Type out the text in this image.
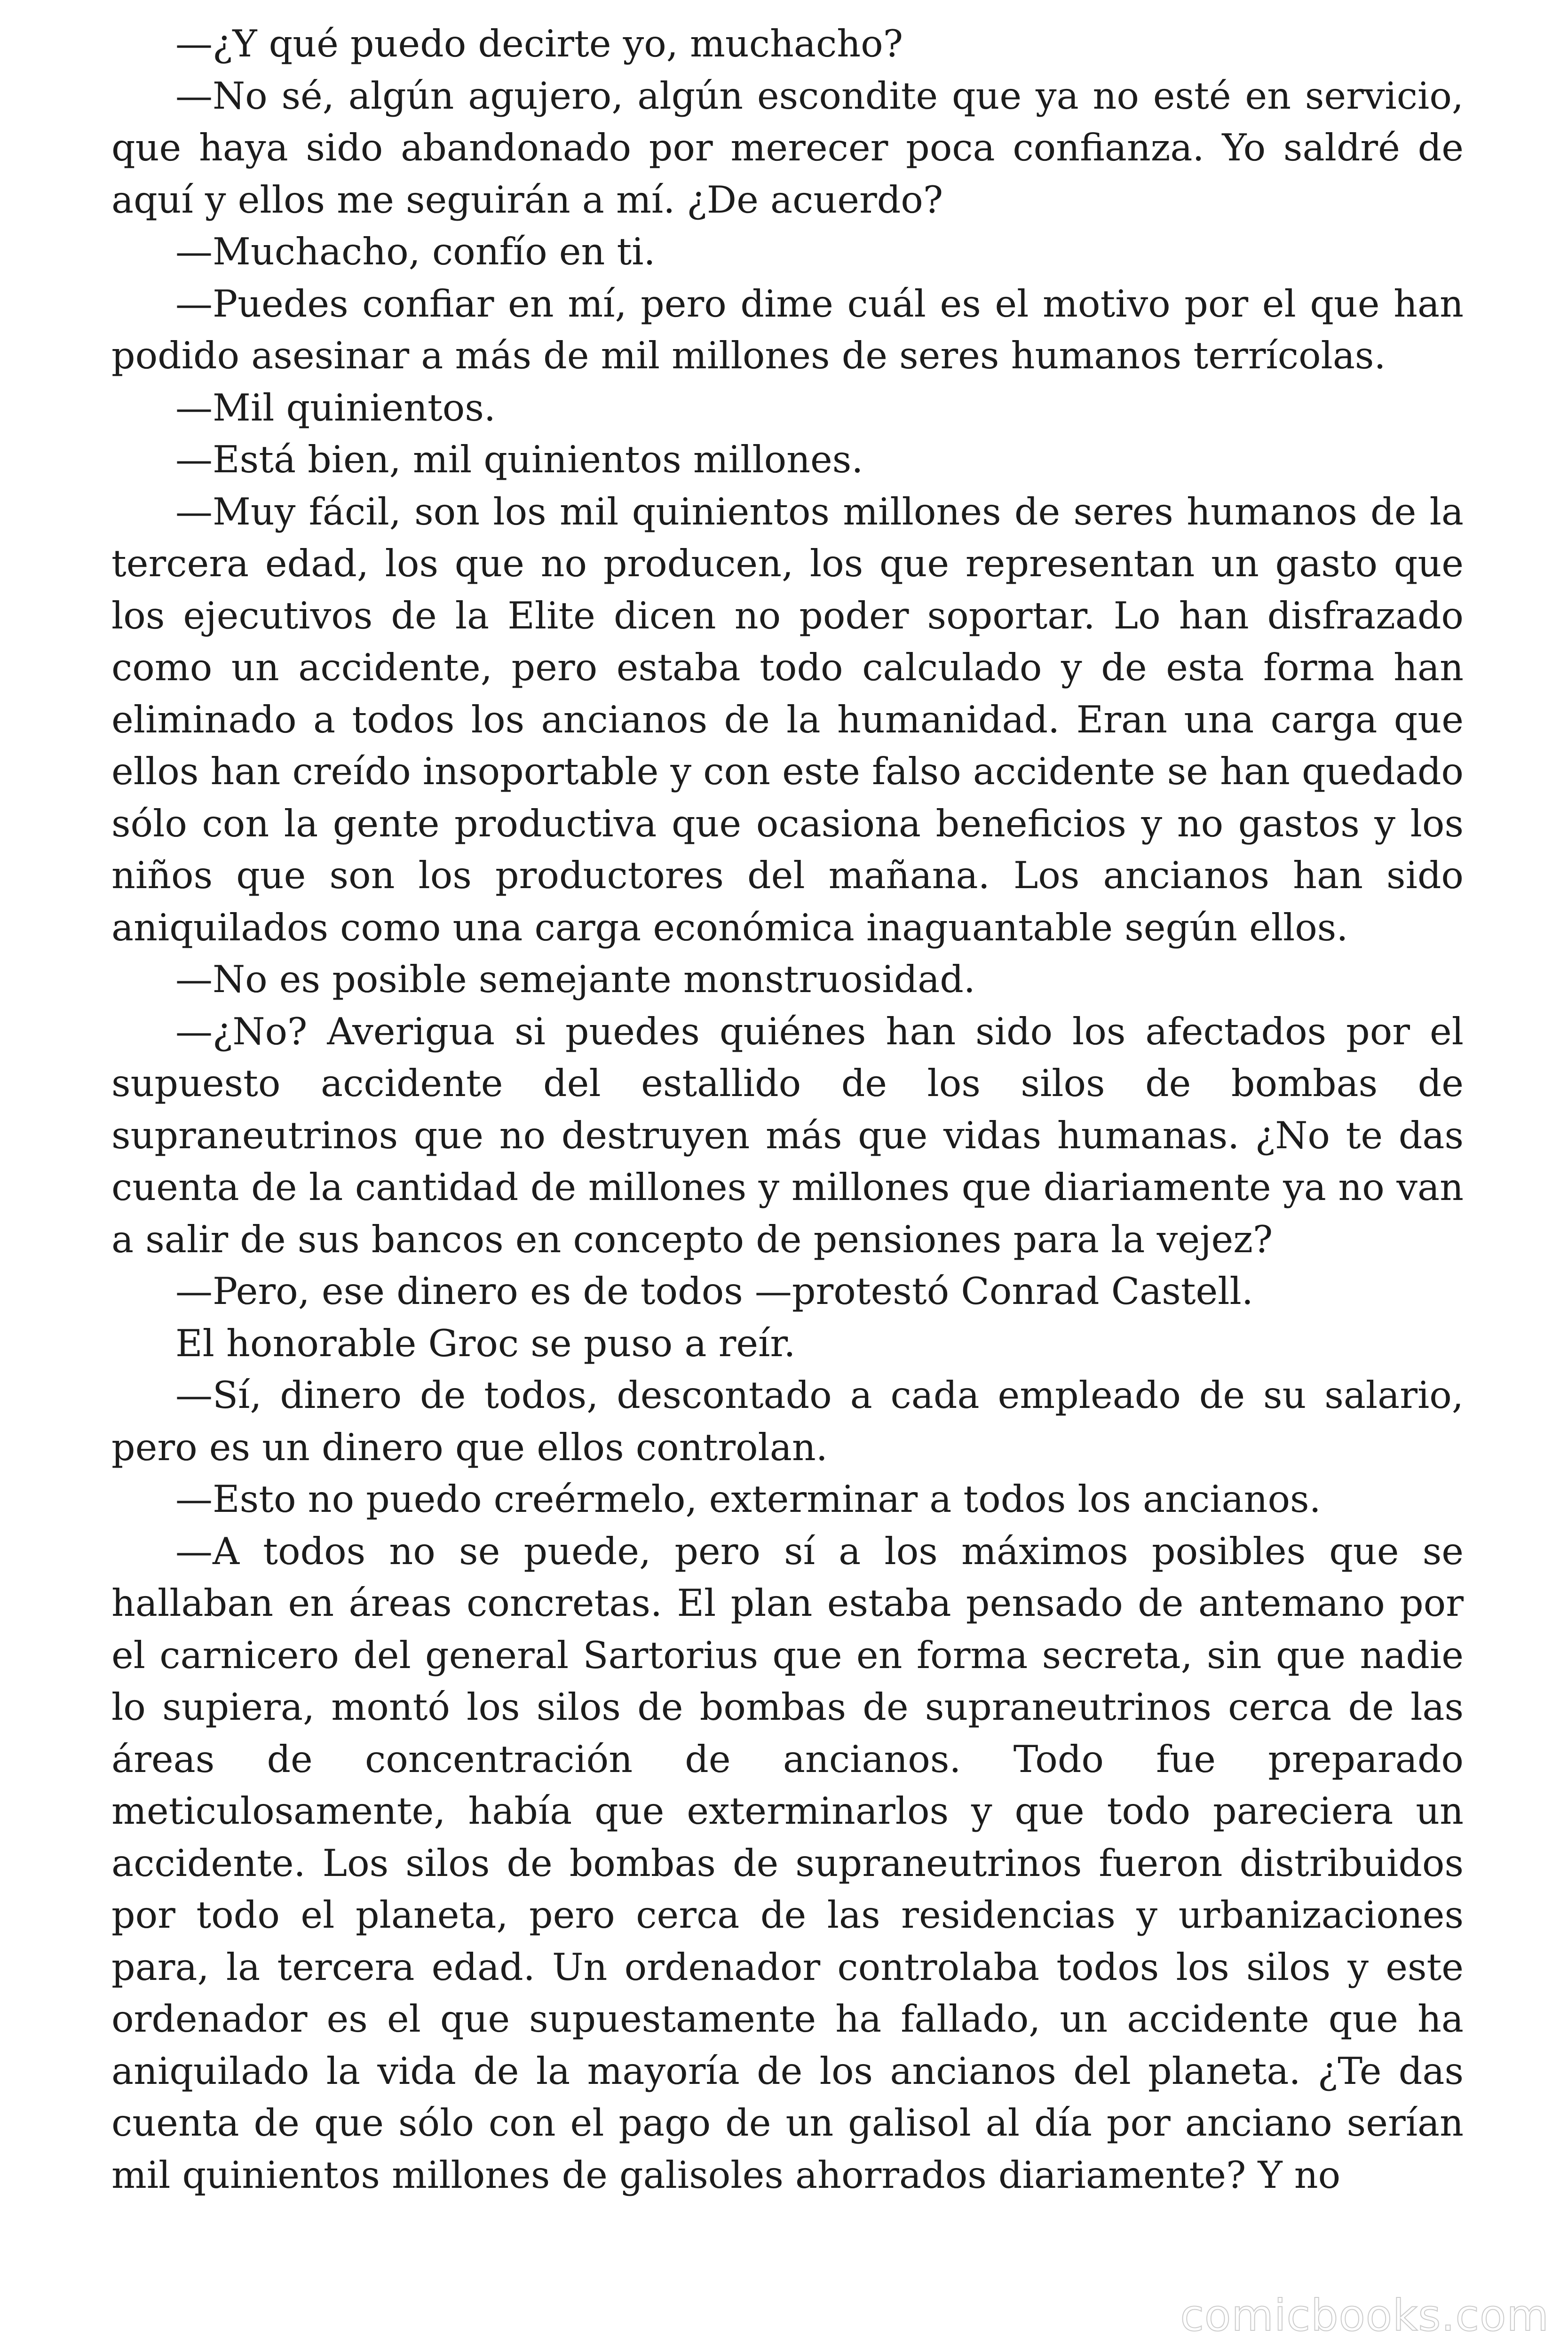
—¿Y qué puedo decirte yo, muchacho?

—No sé, algún agujero, algún escondite que ya no esté en servicio, que haya sido abandonado por merecer poca confianza. Yo saldré de aquí y ellos me seguirán a mí. ¿De acuerdo?

—Muchacho, confío en ti.

—Puedes confiar en mí, pero dime cuál es el motivo por el que han podido asesinar a más de mil millones de seres humanos terrícolas.

—Mil quinientos.

—Está bien, mil quinientos millones.

—Muy fácil, son los mil quinientos millones de seres humanos de la tercera edad, los que no producen, los que representan un gasto que los ejecutivos de la Elite dicen no poder soportar. Lo han disfrazado como un accidente, pero estaba todo calculado y de esta forma han eliminado a todos los ancianos de la humanidad. Eran una carga que ellos han creído insoportable y con este falso accidente se han quedado sólo con la gente productiva que ocasiona beneficios y no gastos y los niños que son los productores del mañana. Los ancianos han sido aniquilados como una carga económica inaguantable según ellos.

—No es posible semejante monstruosidad.

—¿No? Averigua si puedes quiénes han sido los afectados por el supuesto accidente del estallido de los silos de bombas de supraneutrinos que no destruyen más que vidas humanas. ¿No te das cuenta de la cantidad de millones y millones que diariamente ya no van a salir de sus bancos en concepto de pensiones para la vejez?

—Pero, ese dinero es de todos —protestó Conrad Castell.

El honorable Groc se puso a reír.

—Sí, dinero de todos, descontado a cada empleado de su salario, pero es un dinero que ellos controlan.

—Esto no puedo creérmelo, exterminar a todos los ancianos.

—A todos no se puede, pero sí a los máximos posibles que se hallaban en áreas concretas. El plan estaba pensado de antemano por el carnicero del general Sartorius que en forma secreta, sin que nadie lo supiera, montó los silos de bombas de supraneutrinos cerca de las áreas de concentración de ancianos. Todo fue preparado meticulosamente, había que exterminarlos y que todo pareciera un accidente. Los silos de bombas de supraneutrinos fueron distribuidos por todo el planeta, pero cerca de las residencias y urbanizaciones para, la tercera edad. Un ordenador controlaba todos los silos y este ordenador es el que supuestamente ha fallado, un accidente que ha aniquilado la vida de la mayoría de los ancianos del planeta. ¿Te das cuenta de que sólo con el pago de un galisol al día por anciano serían mil quinientos millones de galisoles ahorrados diariamente? Y no

comicbooks.com
